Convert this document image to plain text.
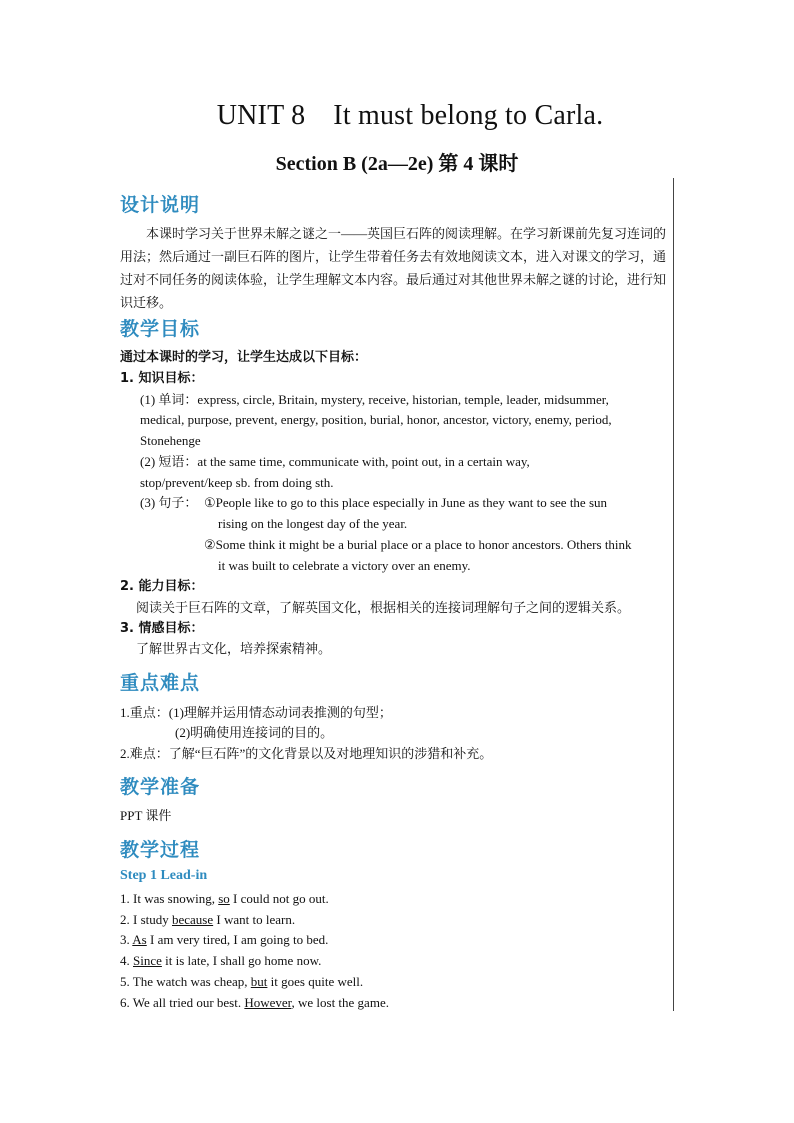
UNIT 8 It must belong to Carla.
Section B (2a—2e) 第 4 课时
设计说明
本课时学习关于世界未解之谜之一——英国巨石阵的阅读理解。在学习新课前先复习连词的用法；然后通过一副巨石阵的图片，让学生带着任务去有效地阅读文本，进入对课文的学习，通过对不同任务的阅读体验，让学生理解文本内容。最后通过对其他世界未解之谜的讨论，进行知识迁移。
教学目标
通过本课时的学习，让学生达成以下目标：
1. 知识目标：
(1) 单词：express, circle, Britain, mystery, receive, historian, temple, leader, midsummer,
medical, purpose, prevent, energy, position, burial, honor, ancestor, victory, enemy, period,
Stonehenge
(2) 短语：at the same time, communicate with, point out, in a certain way,
stop/prevent/keep sb. from doing sth.
(3) 句子： ①People like to go to this place especially in June as they want to see the sun
rising on the longest day of the year.
②Some think it might be a burial place or a place to honor ancestors. Others think
it was built to celebrate a victory over an enemy.
2. 能力目标：
阅读关于巨石阵的文章，了解英国文化，根据相关的连接词理解句子之间的逻辑关系。
3. 情感目标：
了解世界古文化，培养探索精神。
重点难点
1.重点：(1)理解并运用情态动词表推测的句型；
(2)明确使用连接词的目的。
2.难点：了解“巨石阵”的文化背景以及对地理知识的涉猎和补充。
教学准备
PPT 课件
教学过程
Step 1 Lead-in
1. It was snowing, so I could not go out.
2. I study because I want to learn.
3. As I am very tired, I am going to bed.
4. Since it is late, I shall go home now.
5. The watch was cheap, but it goes quite well.
6. We all tried our best. However, we lost the game.
